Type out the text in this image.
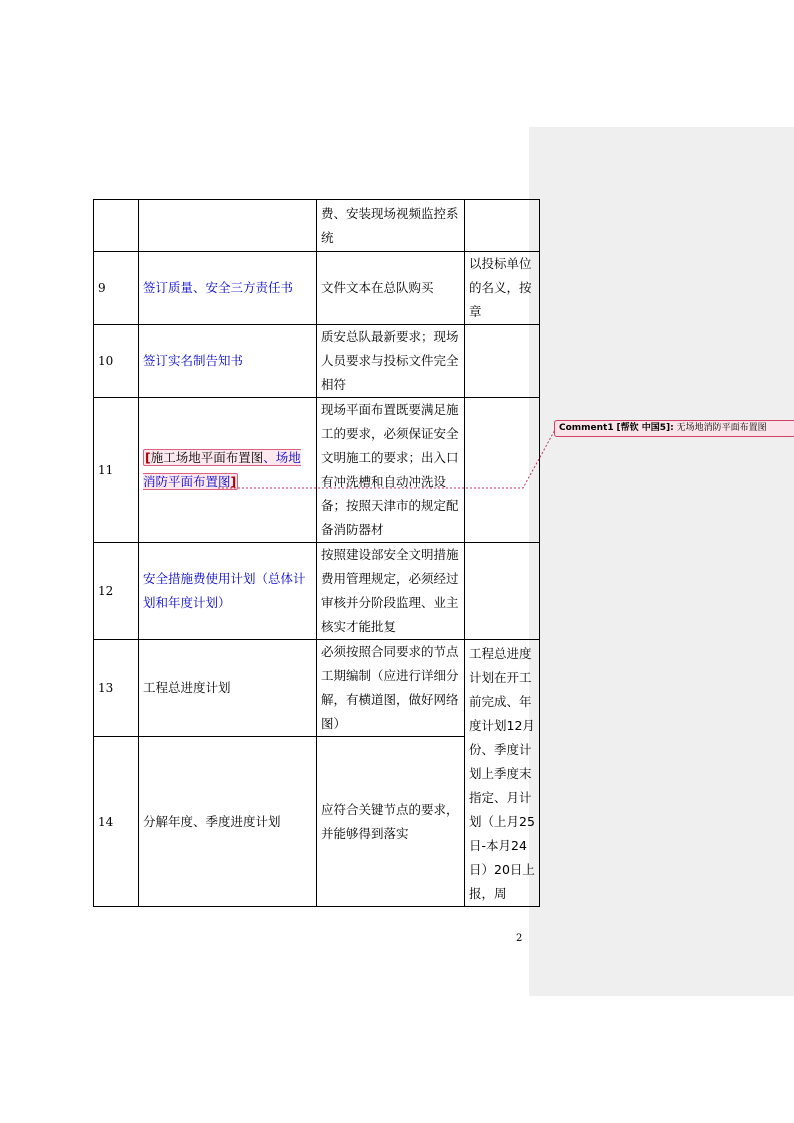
		费、安装现场视频监控系统	
9	签订质量、安全三方责任书	文件文本在总队购买	以投标单位的名义，按章
10	签订实名制告知书	质安总队最新要求；现场人员要求与投标文件完全相符	
11	[施工场地平面布置图、场地消防平面布置图]	现场平面布置既要满足施工的要求，必须保证安全文明施工的要求；出入口有冲洗槽和自动冲洗设备；按照天津市的规定配备消防器材	
12	安全措施费使用计划（总体计划和年度计划）	按照建设部安全文明措施费用管理规定，必须经过审核并分阶段监理、业主核实才能批复	
13	工程总进度计划	必须按照合同要求的节点工期编制（应进行详细分解，有横道图，做好网络图）	工程总进度计划在开工前完成、年度计划12月份、季度计划上季度末指定、月计划（上月25日-本月24日）20日上报，周
14	分解年度、季度进度计划	应符合关键节点的要求，并能够得到落实	
Comment1 [帮钦 中国5]: 无场地消防平面布置图
2
